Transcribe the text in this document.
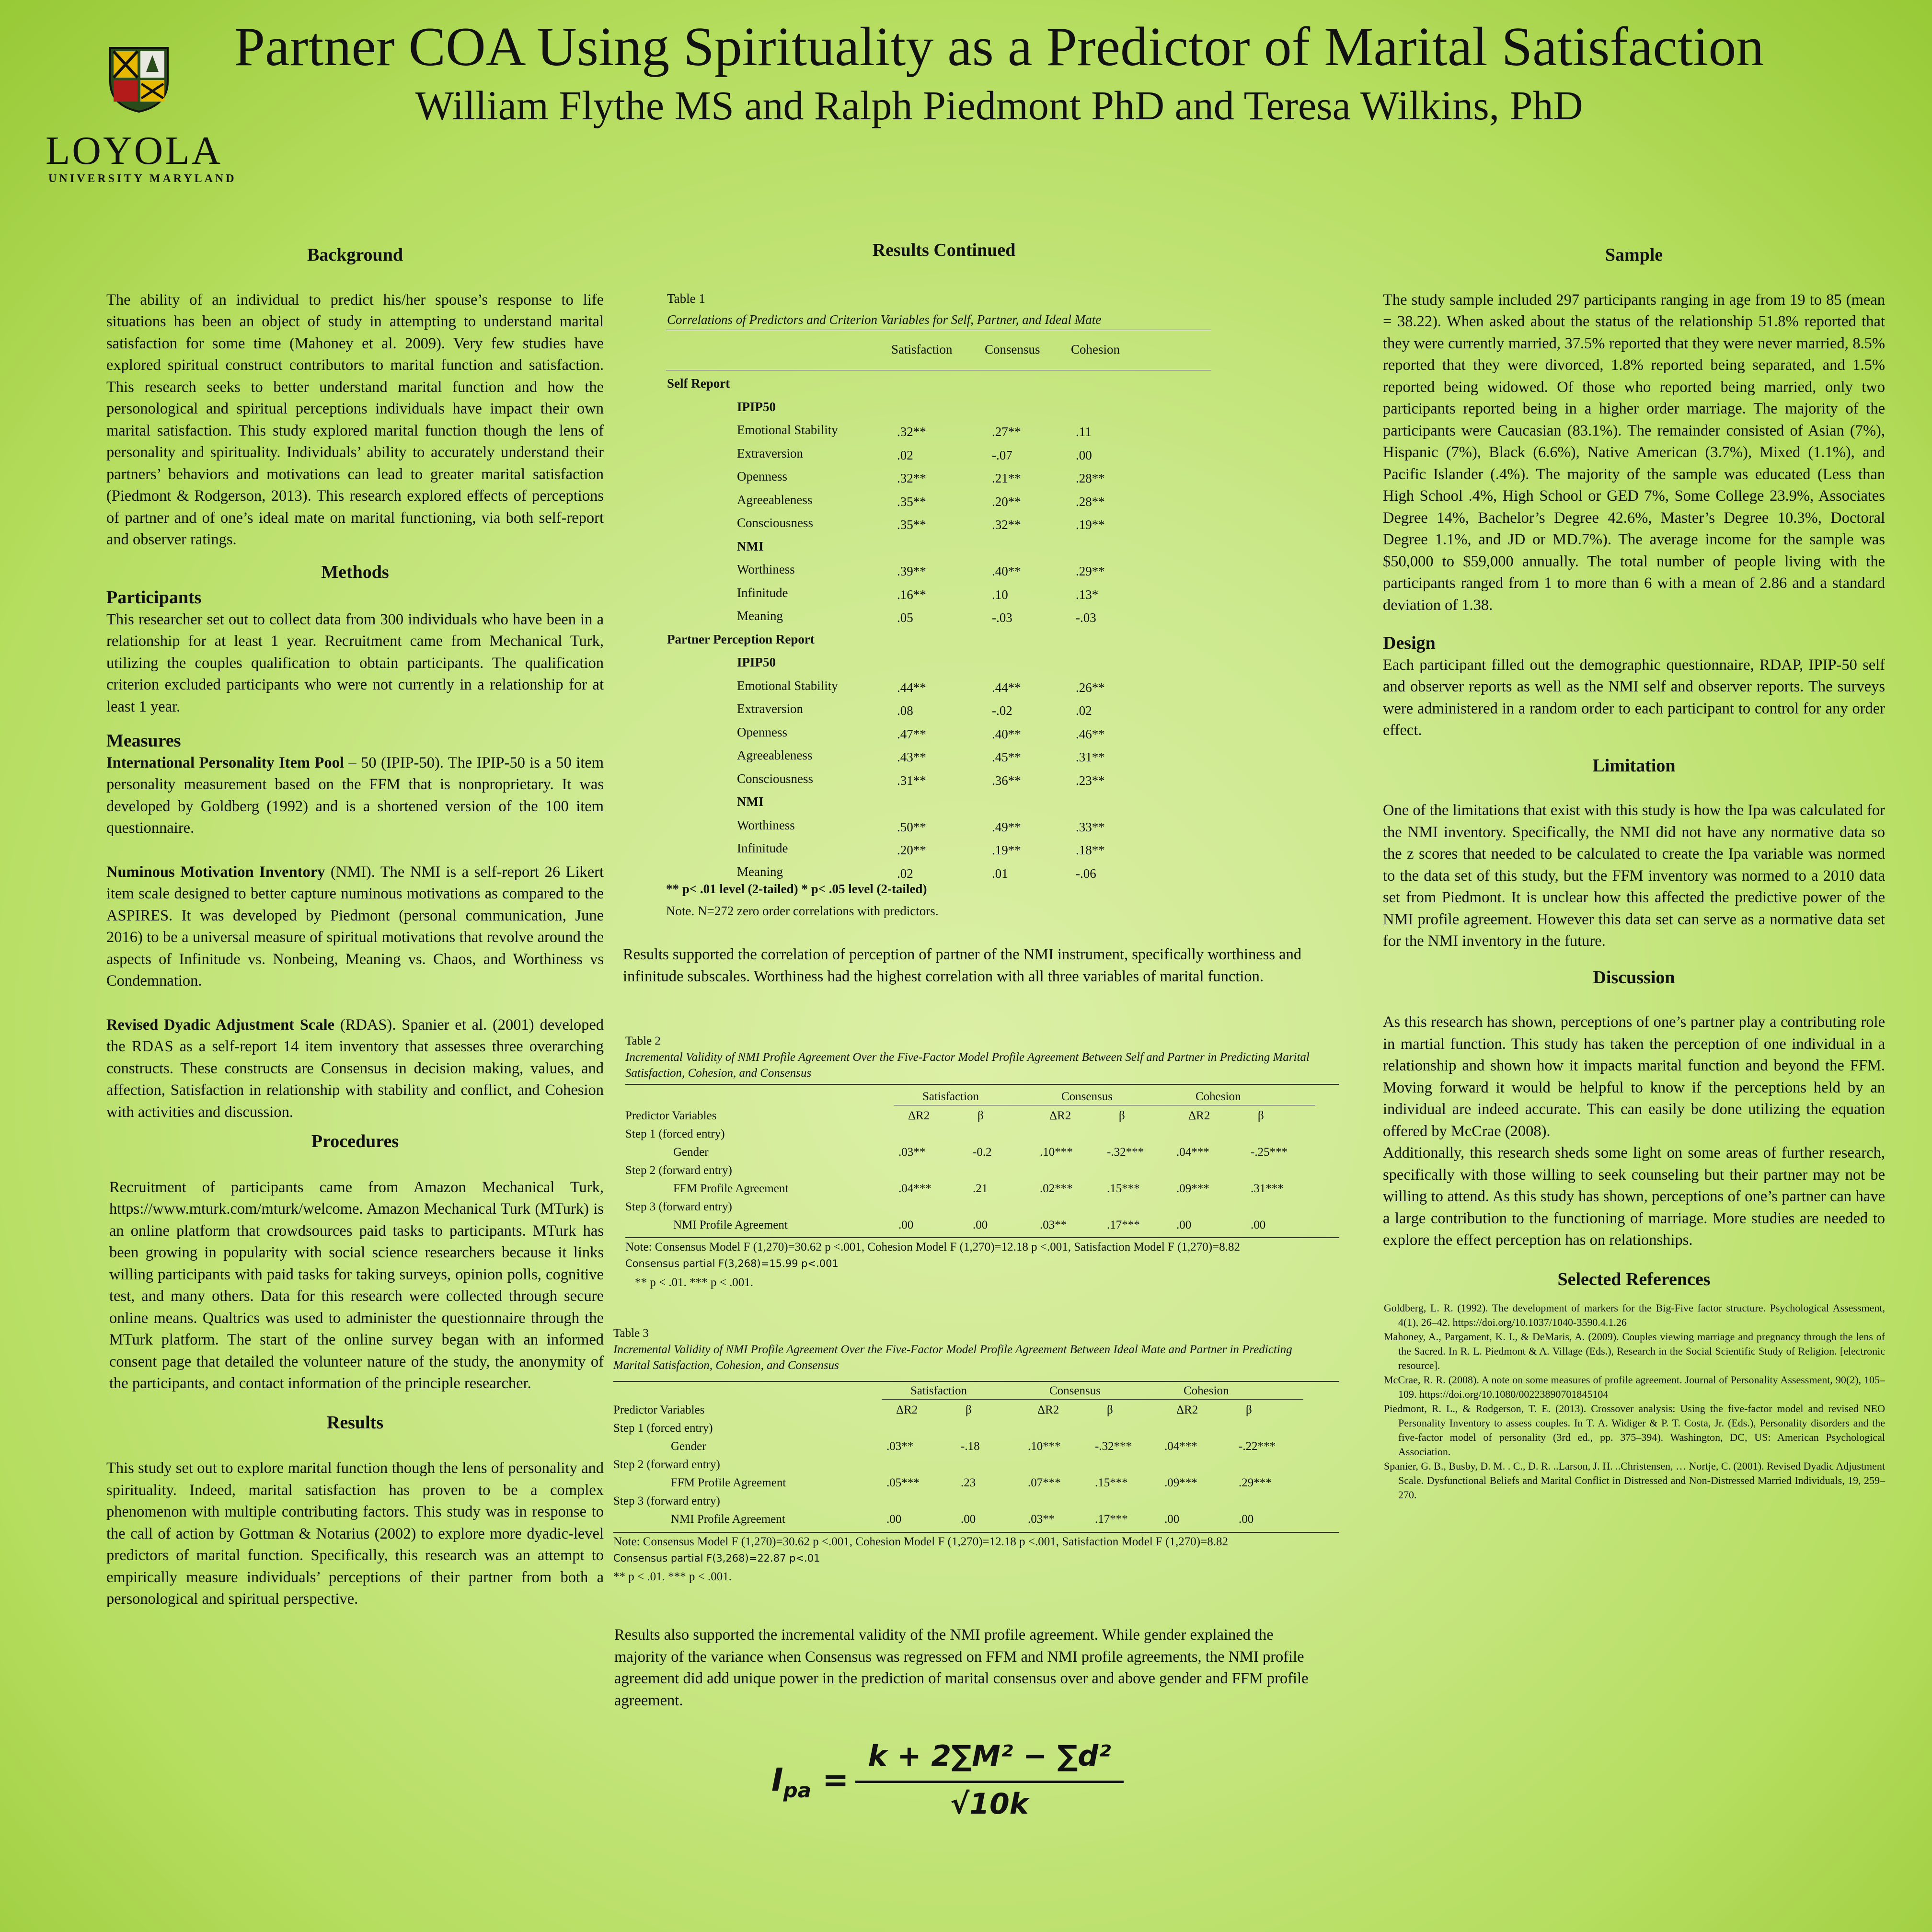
Partner COA Using Spirituality as a Predictor of Marital Satisfaction
William Flythe MS and Ralph Piedmont PhD and Teresa Wilkins, PhD
LOYOLA
UNIVERSITY MARYLAND
Background

The ability of an individual to predict his/her spouse’s response to life situations has been an object of study in attempting to understand marital satisfaction for some time (Mahoney et al. 2009). Very few studies have explored spiritual construct contributors to marital function and satisfaction. This research seeks to better understand marital function and how the personological and spiritual perceptions individuals have impact their own marital satisfaction. This study explored marital function though the lens of personality and spirituality. Individuals’ ability to accurately understand their partners’ behaviors and motivations can lead to greater marital satisfaction (Piedmont & Rodgerson, 2013). This research explored effects of perceptions of partner and of one’s ideal mate on marital functioning, via both self-report and observer ratings.

Methods
Participants

This researcher set out to collect data from 300 individuals who have been in a relationship for at least 1 year. Recruitment came from Mechanical Turk, utilizing the couples qualification to obtain participants. The qualification criterion excluded participants who were not currently in a relationship for at least 1 year.

Measures

International Personality Item Pool – 50 (IPIP-50). The IPIP-50 is a 50 item personality measurement based on the FFM that is nonproprietary. It was developed by Goldberg (1992) and is a shortened version of the 100 item questionnaire.

Numinous Motivation Inventory (NMI). The NMI is a self-report 26 Likert item scale designed to better capture numinous motivations as compared to the ASPIRES. It was developed by Piedmont (personal communication, June 2016) to be a universal measure of spiritual motivations that revolve around the aspects of Infinitude vs. Nonbeing, Meaning vs. Chaos, and Worthiness vs Condemnation.

Revised Dyadic Adjustment Scale (RDAS). Spanier et al. (2001) developed the RDAS as a self-report 14 item inventory that assesses three overarching constructs. These constructs are Consensus in decision making, values, and affection, Satisfaction in relationship with stability and conflict, and Cohesion with activities and discussion.

Procedures

Recruitment of participants came from Amazon Mechanical Turk, https://www.mturk.com/mturk/welcome. Amazon Mechanical Turk (MTurk) is an online platform that crowdsources paid tasks to participants. MTurk has been growing in popularity with social science researchers because it links willing participants with paid tasks for taking surveys, opinion polls, cognitive test, and many others. Data for this research were collected through secure online means. Qualtrics was used to administer the questionnaire through the MTurk platform. The start of the online survey began with an informed consent page that detailed the volunteer nature of the study, the anonymity of the participants, and contact information of the principle researcher.

Results

This study set out to explore marital function though the lens of personality and spirituality. Indeed, marital satisfaction has proven to be a complex phenomenon with multiple contributing factors. This study was in response to the call of action by Gottman & Notarius (2002) to explore more dyadic-level predictors of marital function. Specifically, this research was an attempt to empirically measure individuals’ perceptions of their partner from both a personological and spiritual perspective.

Results Continued
Table 1
Correlations of Predictors and Criterion Variables for Self, Partner, and Ideal Mate
Satisfaction	Consensus Cohesion
Self Report
IPIP50
Emotional Stability	.32**	.27**	.11
Extraversion	.02	-.07	.00
Openness	.32**	.21**	.28**
Agreeableness	.35**	.20**	.28**
Consciousness	.35**	.32**	.19**
NMI
Worthiness	.39**	.40**	.29**
Infinitude	.16**	.10	.13*
Meaning	.05	-.03	-.03
Partner Perception Report
IPIP50
Emotional Stability	.44**	.44**	.26**
Extraversion	.08	-.02	.02
Openness	.47**	.40**	.46**
Agreeableness	.43**	.45**	.31**
Consciousness	.31**	.36**	.23**
NMI
Worthiness	.50**	.49**	.33**
Infinitude	.20**	.19**	.18**
Meaning	.02	.01	-.06
** p< .01 level (2-tailed) * p< .05 level (2-tailed)
Note. N=272 zero order correlations with predictors.

Results supported the correlation of perception of partner of the NMI instrument, specifically worthiness and infinitude subscales. Worthiness had the highest correlation with all three variables of marital function.

Table 2
Incremental Validity of NMI Profile Agreement Over the Five-Factor Model Profile Agreement Between Self and Partner in Predicting Marital Satisfaction, Cohesion, and Consensus
Satisfaction	Consensus	Cohesion
ΔR2	β	ΔR2	β	ΔR2	β
Predictor Variables
Step 1 (forced entry)
Gender	.03**	-0.2	.10***	-.32***	.04***	-.25***
Step 2 (forward entry)
FFM Profile Agreement	.04***	.21	.02***	.15***	.09***	.31***
Step 3 (forward entry)
NMI Profile Agreement	.00	.00	.03**	.17***	.00	.00
Note: Consensus Model F (1,270)=30.62 p <.001, Cohesion Model F (1,270)=12.18 p <.001, Satisfaction Model F (1,270)=8.82
Consensus partial F(3,268)=15.99 p<.001
** p < .01. *** p < .001.
Table 3
Incremental Validity of NMI Profile Agreement Over the Five-Factor Model Profile Agreement Between Ideal Mate and Partner in Predicting Marital Satisfaction, Cohesion, and Consensus
Satisfaction	Consensus	Cohesion
ΔR2	β	ΔR2	β	ΔR2	β
Predictor Variables
Step 1 (forced entry)
Gender	.03**	-.18	.10***	-.32***	.04***	-.22***
Step 2 (forward entry)
FFM Profile Agreement	.05***	.23	.07***	.15***	.09***	.29***
Step 3 (forward entry)
NMI Profile Agreement	.00	.00	.03**	.17***	.00	.00
Note: Consensus Model F (1,270)=30.62 p <.001, Cohesion Model F (1,270)=12.18 p <.001, Satisfaction Model F (1,270)=8.82
Consensus partial F(3,268)=22.87 p<.01
** p < .01. *** p < .001.

Results also supported the incremental validity of the NMI profile agreement. While gender explained the majority of the variance when Consensus was regressed on FFM and NMI profile agreements, the NMI profile agreement did add unique power in the prediction of marital consensus over and above gender and FFM profile agreement.

$I_{pa}$ =
k + 2∑M² − ∑d²
√10k
Sample

The study sample included 297 participants ranging in age from 19 to 85 (mean = 38.22). When asked about the status of the relationship 51.8% reported that they were currently married, 37.5% reported that they were never married, 8.5% reported that they were divorced, 1.8% reported being separated, and 1.5% reported being widowed. Of those who reported being married, only two participants reported being in a higher order marriage. The majority of the participants were Caucasian (83.1%). The remainder consisted of Asian (7%), Hispanic (7%), Black (6.6%), Native American (3.7%), Mixed (1.1%), and Pacific Islander (.4%). The majority of the sample was educated (Less than High School .4%, High School or GED 7%, Some College 23.9%, Associates Degree 14%, Bachelor’s Degree 42.6%, Master’s Degree 10.3%, Doctoral Degree 1.1%, and JD or MD.7%). The average income for the sample was $50,000 to $59,000 annually. The total number of people living with the participants ranged from 1 to more than 6 with a mean of 2.86 and a standard deviation of 1.38.

Design

Each participant filled out the demographic questionnaire, RDAP, IPIP-50 self and observer reports as well as the NMI self and observer reports. The surveys were administered in a random order to each participant to control for any order effect.

Limitation

One of the limitations that exist with this study is how the Ipa was calculated for the NMI inventory. Specifically, the NMI did not have any normative data so the z scores that needed to be calculated to create the Ipa variable was normed to the data set of this study, but the FFM inventory was normed to a 2010 data set from Piedmont. It is unclear how this affected the predictive power of the NMI profile agreement. However this data set can serve as a normative data set for the NMI inventory in the future.

Discussion

As this research has shown, perceptions of one’s partner play a contributing role in martial function. This study has taken the perception of one individual in a relationship and shown how it impacts marital function and beyond the FFM. Moving forward it would be helpful to know if the perceptions held by an individual are indeed accurate. This can easily be done utilizing the equation offered by McCrae (2008).

Additionally, this research sheds some light on some areas of further research, specifically with those willing to seek counseling but their partner may not be willing to attend. As this study has shown, perceptions of one’s partner can have a large contribution to the functioning of marriage. More studies are needed to explore the effect perception has on relationships.

Selected References

Goldberg, L. R. (1992). The development of markers for the Big-Five factor structure. Psychological Assessment, 4(1), 26–42. https://doi.org/10.1037/1040-3590.4.1.26

Mahoney, A., Pargament, K. I., & DeMaris, A. (2009). Couples viewing marriage and pregnancy through the lens of the Sacred. In R. L. Piedmont & A. Village (Eds.), Research in the Social Scientific Study of Religion. [electronic resource].

McCrae, R. R. (2008). A note on some measures of profile agreement. Journal of Personality Assessment, 90(2), 105–109. https://doi.org/10.1080/00223890701845104

Piedmont, R. L., & Rodgerson, T. E. (2013). Crossover analysis: Using the five-factor model and revised NEO Personality Inventory to assess couples. In T. A. Widiger & P. T. Costa, Jr. (Eds.), Personality disorders and the five-factor model of personality (3rd ed., pp. 375–394). Washington, DC, US: American Psychological Association.

Spanier, G. B., Busby, D. M. . C., D. R. ..Larson, J. H. ..Christensen, … Nortje, C. (2001). Revised Dyadic Adjustment Scale. Dysfunctional Beliefs and Marital Conflict in Distressed and Non-Distressed Married Individuals, 19, 259–270.
